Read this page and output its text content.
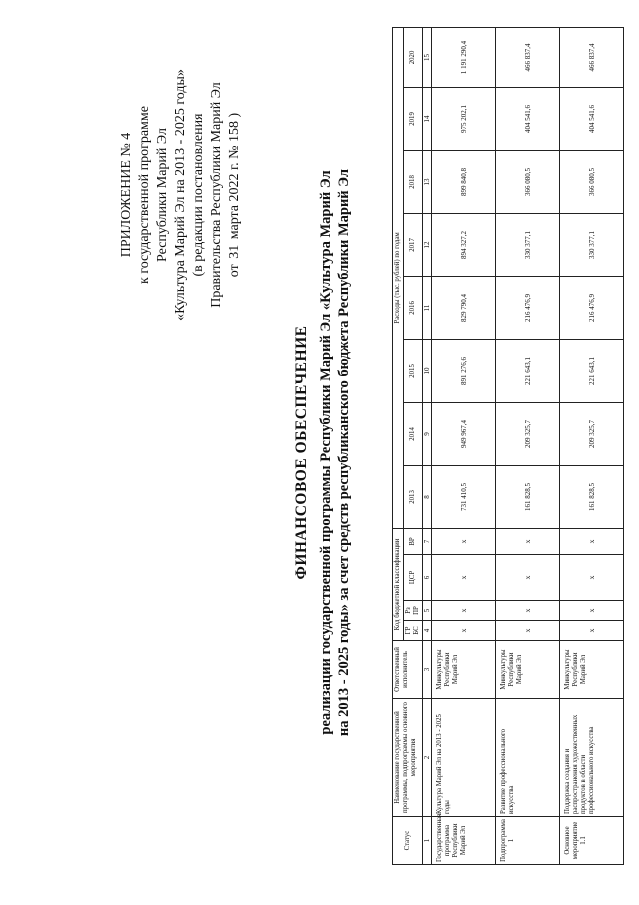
ПРИЛОЖЕНИЕ № 4 к государственной программе Республики Марий Эл «Культура Марий Эл на 2013 - 2025 годы» (в редакции постановления Правительства Республики Марий Эл от 31 марта 2022 г. № 158 )
ФИНАНСОВОЕ ОБЕСПЕЧЕНИЕ реализации государственной программы Республики Марий Эл «Культура Марий Эл на 2013 - 2025 годы» за счет средств республиканского бюджета Республики Марий Эл
Статус	Наименование государственной программы, подпрограммы основного мероприятия	Ответственный исполнитель	Код бюджетной классификации				Расходы (тыс. рублей) по годам							
			ГР БС	Рз ПР	ЦСР	ВР	2013	2014	2015	2016	2017	2018	2019	2020
1	2	3	4	5	6	7	8	9	10	11	12	13	14	15
Государственная программа Республики Марий Эл	Культура Марий Эл на 2013 - 2025 годы	Минкультуры Республики Марий Эл	х	х	х	х	731 410,5	949 967,4	891 276,6	829 790,4	894 327,2	899 840,8	975 202,1	1 191 290,4
Подпрограмма 1	Развитие профессионального искусства	Минкультуры Республики Марий Эл	х	х	х	х	161 828,5	209 325,7	221 643,1	216 476,9	330 377,1	366 080,5	404 541,6	466 837,4
Основное мероприятие 1.1	Поддержка создания и распространения художественных продуктов в области профессионального искусства	Минкультуры Республики Марий Эл	х	х	х	х	161 828,5	209 325,7	221 643,1	216 476,9	330 377,1	366 080,5	404 541,6	466 837,4
